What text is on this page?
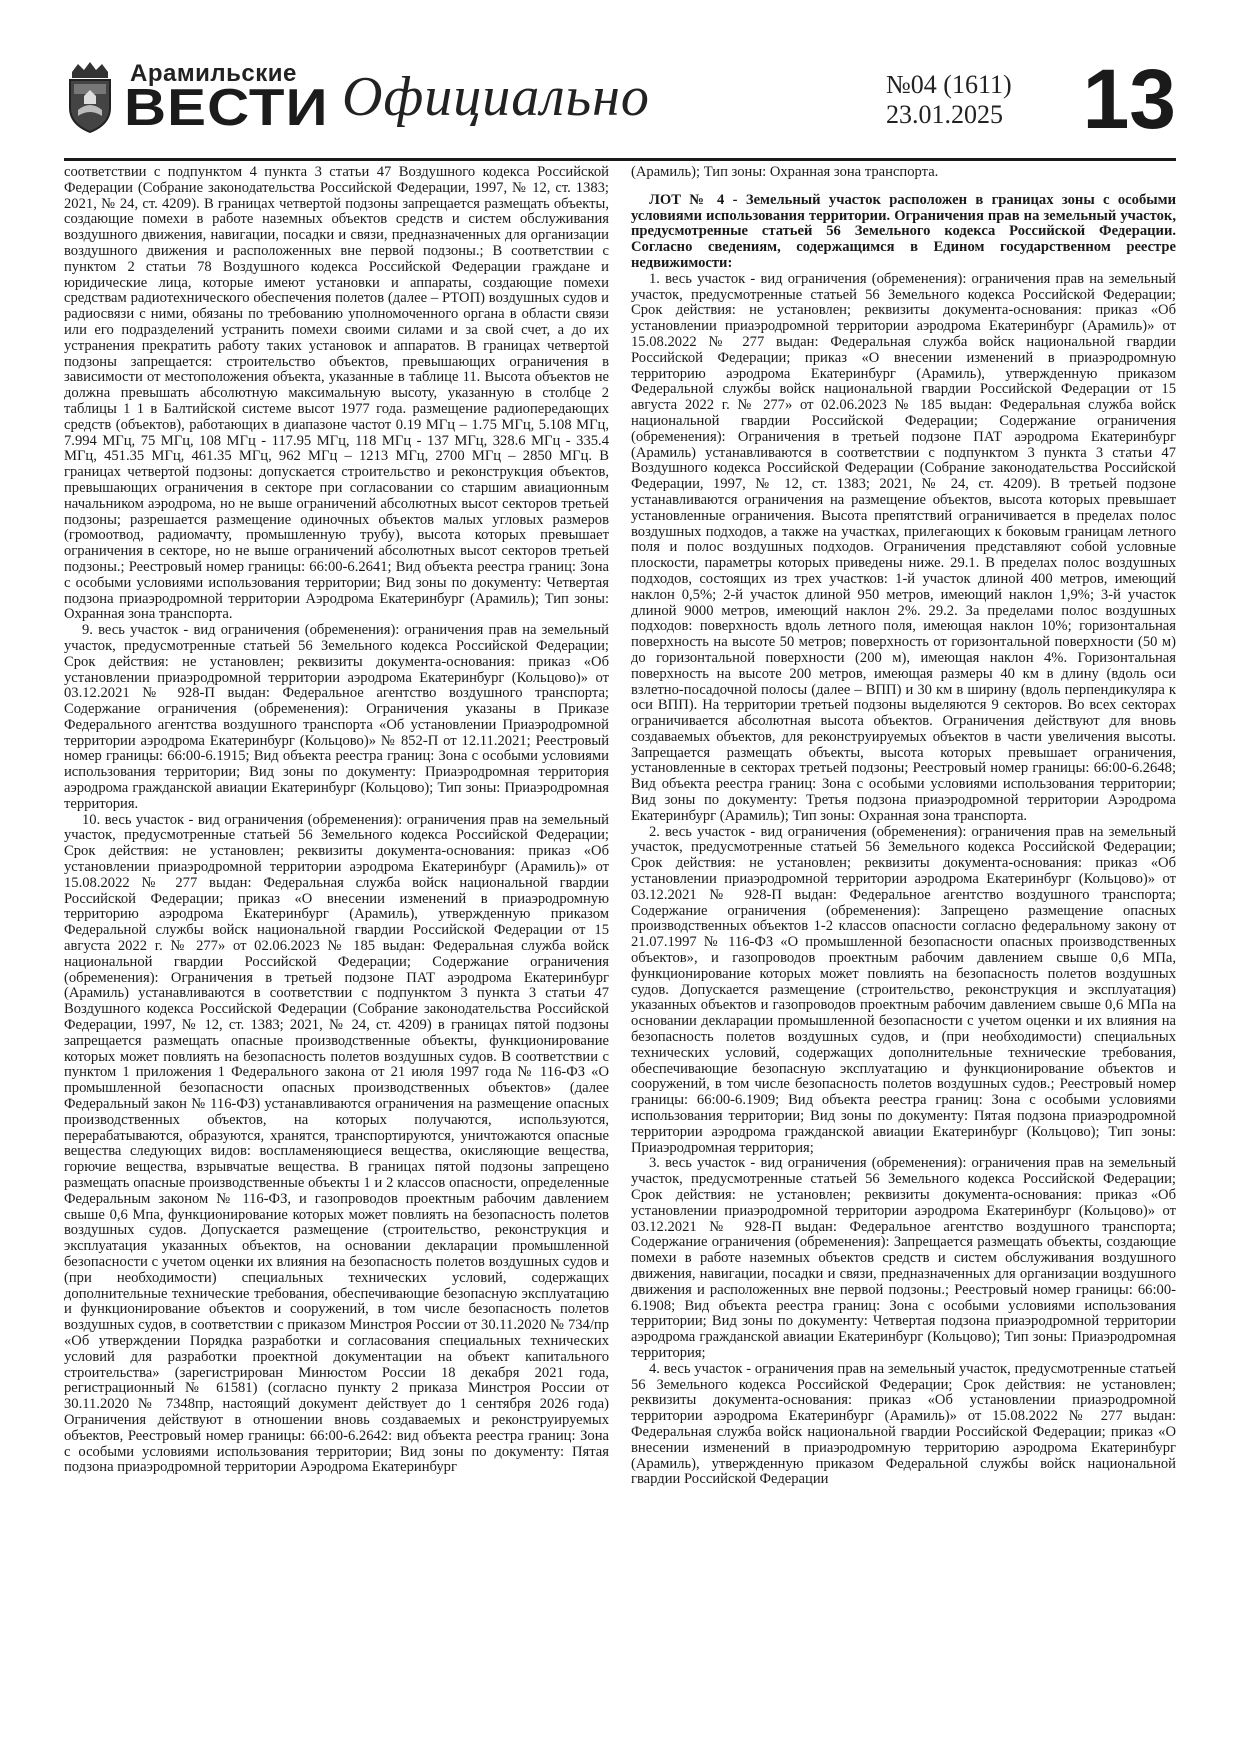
Арамильские
ВЕСТИ Официально	№04 (1611)
23.01.2025 13

соответствии с подпунктом 4 пункта 3 статьи 47 Воздушного кодекса Российской Федерации (Собрание законодательства Российской Федерации, 1997, № 12, ст. 1383; 2021, № 24, ст. 4209). В границах четвертой подзоны запрещается размещать объекты, создающие помехи в работе наземных объектов средств и систем обслуживания воздушного движения, навигации, посадки и связи, предназначенных для организации воздушного движения и расположенных вне первой подзоны.; В соответствии с пунктом 2 статьи 78 Воздушного кодекса Российской Федерации граждане и юридические лица, которые имеют установки и аппараты, создающие помехи средствам радиотехнического обеспечения полетов (далее – РТОП) воздушных судов и радиосвязи с ними, обязаны по требованию уполномоченного органа в области связи или его подразделений устранить помехи своими силами и за свой счет, а до их устранения прекратить работу таких установок и аппаратов. В границах четвертой подзоны запрещается: строительство объектов, превышающих ограничения в зависимости от местоположения объекта, указанные в таблице 11. Высота объектов не должна превышать абсолютную максимальную высоту, указанную в столбце 2 таблицы 1 1 в Балтийской системе высот 1977 года. размещение радиопередающих средств (объектов), работающих в диапазоне частот 0.19 МГц – 1.75 МГц, 5.108 МГц, 7.994 МГц, 75 МГц, 108 МГц - 117.95 МГц, 118 МГц - 137 МГц, 328.6 МГц - 335.4 МГц, 451.35 МГц, 461.35 МГц, 962 МГц – 1213 МГц, 2700 МГц – 2850 МГц. В границах четвертой подзоны: допускается строительство и реконструкция объектов, превышающих ограничения в секторе при согласовании со старшим авиационным начальником аэродрома, но не выше ограничений абсолютных высот секторов третьей подзоны; разрешается размещение одиночных объектов малых угловых размеров (громоотвод, радиомачту, промышленную трубу), высота которых превышает ограничения в секторе, но не выше ограничений абсолютных высот секторов третьей подзоны.; Реестровый номер границы: 66:00-6.2641; Вид объекта реестра границ: Зона с особыми условиями использования территории; Вид зоны по документу: Четвертая подзона приаэродромной территории Аэродрома Екатеринбург (Арамиль); Тип зоны: Охранная зона транспорта.

9. весь участок - вид ограничения (обременения): ограничения прав на земельный участок, предусмотренные статьей 56 Земельного кодекса Российской Федерации; Срок действия: не установлен; реквизиты документа-основания: приказ «Об установлении приаэродромной территории аэродрома Екатеринбург (Кольцово)» от 03.12.2021 № 928-П выдан: Федеральное агентство воздушного транспорта; Содержание ограничения (обременения): Ограничения указаны в Приказе Федерального агентства воздушного транспорта «Об установлении Приаэродромной территории аэродрома Екатеринбург (Кольцово)» № 852-П от 12.11.2021; Реестровый номер границы: 66:00-6.1915; Вид объекта реестра границ: Зона с особыми условиями использования территории; Вид зоны по документу: Приаэродромная территория аэродрома гражданской авиации Екатеринбург (Кольцово); Тип зоны: Приаэродромная территория.

10. весь участок - вид ограничения (обременения): ограничения прав на земельный участок, предусмотренные статьей 56 Земельного кодекса Российской Федерации; Срок действия: не установлен; реквизиты документа-основания: приказ «Об установлении приаэродромной территории аэродрома Екатеринбург (Арамиль)» от 15.08.2022 № 277 выдан: Федеральная служба войск национальной гвардии Российской Федерации; приказ «О внесении изменений в приаэродромную территорию аэродрома Екатеринбург (Арамиль), утвержденную приказом Федеральной службы войск национальной гвардии Российской Федерации от 15 августа 2022 г. № 277» от 02.06.2023 № 185 выдан: Федеральная служба войск национальной гвардии Российской Федерации; Содержание ограничения (обременения): Ограничения в третьей подзоне ПАТ аэродрома Екатеринбург (Арамиль) устанавливаются в соответствии с подпунктом 3 пункта 3 статьи 47 Воздушного кодекса Российской Федерации (Собрание законодательства Российской Федерации, 1997, № 12, ст. 1383; 2021, № 24, ст. 4209) в границах пятой подзоны запрещается размещать опасные производственные объекты, функционирование которых может повлиять на безопасность полетов воздушных судов. В соответствии с пунктом 1 приложения 1 Федерального закона от 21 июля 1997 года № 116-ФЗ «О промышленной безопасности опасных производственных объектов» (далее Федеральный закон № 116-ФЗ) устанавливаются ограничения на размещение опасных производственных объектов, на которых получаются, используются, перерабатываются, образуются, хранятся, транспортируются, уничтожаются опасные вещества следующих видов: воспламеняющиеся вещества, окисляющие вещества, горючие вещества, взрывчатые вещества. В границах пятой подзоны запрещено размещать опасные производственные объекты 1 и 2 классов опасности, определенные Федеральным законом № 116-ФЗ, и газопроводов проектным рабочим давлением свыше 0,6 Мпа, функционирование которых может повлиять на безопасность полетов воздушных судов. Допускается размещение (строительство, реконструкция и эксплуатация указанных объектов, на основании декларации промышленной безопасности с учетом оценки их влияния на безопасность полетов воздушных судов и (при необходимости) специальных технических условий, содержащих дополнительные технические требования, обеспечивающие безопасную эксплуатацию и функционирование объектов и сооружений, в том числе безопасность полетов воздушных судов, в соответствии с приказом Минстроя России от 30.11.2020 № 734/пр «Об утверждении Порядка разработки и согласования специальных технических условий для разработки проектной документации на объект капитального строительства» (зарегистрирован Минюстом России 18 декабря 2021 года, регистрационный № 61581) (согласно пункту 2 приказа Минстроя России от 30.11.2020 № 7348пр, настоящий документ действует до 1 сентября 2026 года) Ограничения действуют в отношении вновь создаваемых и реконструируемых объектов, Реестровый номер границы: 66:00-6.2642: вид объекта реестра границ: Зона с особыми условиями использования территории; Вид зоны по документу: Пятая подзона приаэродромной территории Аэродрома Екатеринбург

(Арамиль); Тип зоны: Охранная зона транспорта.

ЛОТ № 4 - Земельный участок расположен в границах зоны с особыми условиями использования территории. Ограничения прав на земельный участок, предусмотренные статьей 56 Земельного кодекса Российской Федерации. Согласно сведениям, содержащимся в Едином государственном реестре недвижимости:

1. весь участок - вид ограничения (обременения): ограничения прав на земельный участок, предусмотренные статьей 56 Земельного кодекса Российской Федерации; Срок действия: не установлен; реквизиты документа-основания: приказ «Об установлении приаэродромной территории аэродрома Екатеринбург (Арамиль)» от 15.08.2022 № 277 выдан: Федеральная служба войск национальной гвардии Российской Федерации; приказ «О внесении изменений в приаэродромную территорию аэродрома Екатеринбург (Арамиль), утвержденную приказом Федеральной службы войск национальной гвардии Российской Федерации от 15 августа 2022 г. № 277» от 02.06.2023 № 185 выдан: Федеральная служба войск национальной гвардии Российской Федерации; Содержание ограничения (обременения): Ограничения в третьей подзоне ПАТ аэродрома Екатеринбург (Арамиль) устанавливаются в соответствии с подпунктом 3 пункта 3 статьи 47 Воздушного кодекса Российской Федерации (Собрание законодательства Российской Федерации, 1997, № 12, ст. 1383; 2021, № 24, ст. 4209). В третьей подзоне устанавливаются ограничения на размещение объектов, высота которых превышает установленные ограничения. Высота препятствий ограничивается в пределах полос воздушных подходов, а также на участках, прилегающих к боковым границам летного поля и полос воздушных подходов. Ограничения представляют собой условные плоскости, параметры которых приведены ниже. 29.1. В пределах полос воздушных подходов, состоящих из трех участков: 1-й участок длиной 400 метров, имеющий наклон 0,5%; 2-й участок длиной 950 метров, имеющий наклон 1,9%; 3-й участок длиной 9000 метров, имеющий наклон 2%. 29.2. За пределами полос воздушных подходов: поверхность вдоль летного поля, имеющая наклон 10%; горизонтальная поверхность на высоте 50 метров; поверхность от горизонтальной поверхности (50 м) до горизонтальной поверхности (200 м), имеющая наклон 4%. Горизонтальная поверхность на высоте 200 метров, имеющая размеры 40 км в длину (вдоль оси взлетно-посадочной полосы (далее – ВПП) и 30 км в ширину (вдоль перпендикуляра к оси ВПП). На территории третьей подзоны выделяются 9 секторов. Во всех секторах ограничивается абсолютная высота объектов. Ограничения действуют для вновь создаваемых объектов, для реконструируемых объектов в части увеличения высоты. Запрещается размещать объекты, высота которых превышает ограничения, установленные в секторах третьей подзоны; Реестровый номер границы: 66:00-6.2648; Вид объекта реестра границ: Зона с особыми условиями использования территории; Вид зоны по документу: Третья подзона приаэродромной территории Аэродрома Екатеринбург (Арамиль); Тип зоны: Охранная зона транспорта.

2. весь участок - вид ограничения (обременения): ограничения прав на земельный участок, предусмотренные статьей 56 Земельного кодекса Российской Федерации; Срок действия: не установлен; реквизиты документа-основания: приказ «Об установлении приаэродромной территории аэродрома Екатеринбург (Кольцово)» от 03.12.2021 № 928-П выдан: Федеральное агентство воздушного транспорта; Содержание ограничения (обременения): Запрещено размещение опасных производственных объектов 1-2 классов опасности согласно федеральному закону от 21.07.1997 № 116-ФЗ «О промышленной безопасности опасных производственных объектов», и газопроводов проектным рабочим давлением свыше 0,6 МПа, функционирование которых может повлиять на безопасность полетов воздушных судов. Допускается размещение (строительство, реконструкция и эксплуатация) указанных объектов и газопроводов проектным рабочим давлением свыше 0,6 МПа на основании декларации промышленной безопасности с учетом оценки и их влияния на безопасность полетов воздушных судов, и (при необходимости) специальных технических условий, содержащих дополнительные технические требования, обеспечивающие безопасную эксплуатацию и функционирование объектов и сооружений, в том числе безопасность полетов воздушных судов.; Реестровый номер границы: 66:00-6.1909; Вид объекта реестра границ: Зона с особыми условиями использования территории; Вид зоны по документу: Пятая подзона приаэродромной территории аэродрома гражданской авиации Екатеринбург (Кольцово); Тип зоны: Приаэродромная территория;

3. весь участок - вид ограничения (обременения): ограничения прав на земельный участок, предусмотренные статьей 56 Земельного кодекса Российской Федерации; Срок действия: не установлен; реквизиты документа-основания: приказ «Об установлении приаэродромной территории аэродрома Екатеринбург (Кольцово)» от 03.12.2021 № 928-П выдан: Федеральное агентство воздушного транспорта; Содержание ограничения (обременения): Запрещается размещать объекты, создающие помехи в работе наземных объектов средств и систем обслуживания воздушного движения, навигации, посадки и связи, предназначенных для организации воздушного движения и расположенных вне первой подзоны.; Реестровый номер границы: 66:00-6.1908; Вид объекта реестра границ: Зона с особыми условиями использования территории; Вид зоны по документу: Четвертая подзона приаэродромной территории аэродрома гражданской авиации Екатеринбург (Кольцово); Тип зоны: Приаэродромная территория;

4. весь участок - ограничения прав на земельный участок, предусмотренные статьей 56 Земельного кодекса Российской Федерации; Срок действия: не установлен; реквизиты документа-основания: приказ «Об установлении приаэродромной территории аэродрома Екатеринбург (Арамиль)» от 15.08.2022 № 277 выдан: Федеральная служба войск национальной гвардии Российской Федерации; приказ «О внесении изменений в приаэродромную территорию аэродрома Екатеринбург (Арамиль), утвержденную приказом Федеральной службы войск национальной гвардии Российской Федерации
